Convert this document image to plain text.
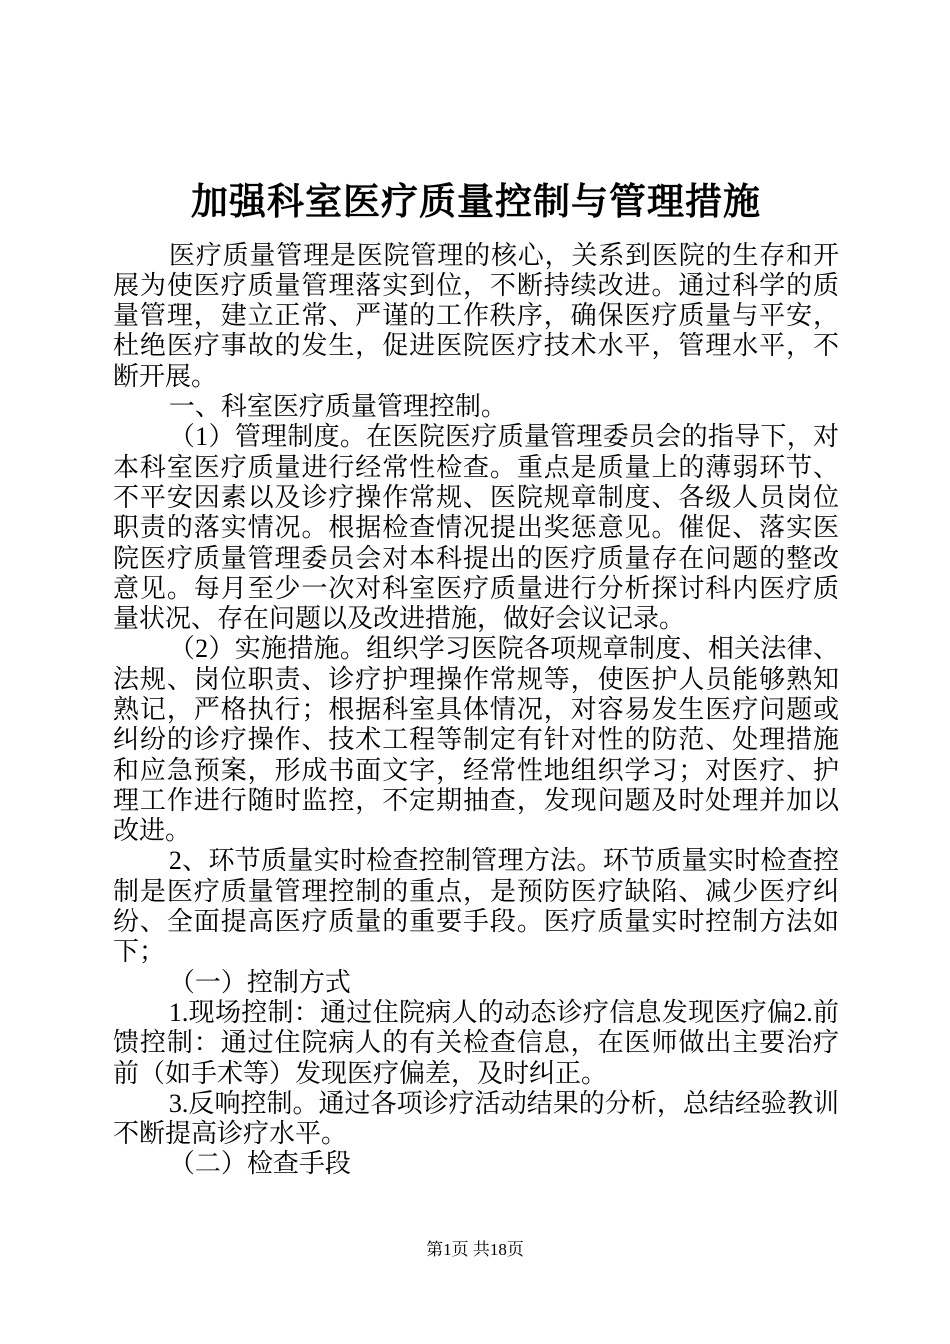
加强科室医疗质量控制与管理措施

医疗质量管理是医院管理的核心，关系到医院的生存和开展为使医疗质量管理落实到位，不断持续改进。通过科学的质量管理，建立正常、严谨的工作秩序，确保医疗质量与平安，杜绝医疗事故的发生，促进医院医疗技术水平，管理水平，不断开展。

一、科室医疗质量管理控制。

（1）管理制度。在医院医疗质量管理委员会的指导下，对本科室医疗质量进行经常性检查。重点是质量上的薄弱环节、不平安因素以及诊疗操作常规、医院规章制度、各级人员岗位职责的落实情况。根据检查情况提出奖惩意见。催促、落实医院医疗质量管理委员会对本科提出的医疗质量存在问题的整改意见。每月至少一次对科室医疗质量进行分析探讨科内医疗质量状况、存在问题以及改进措施，做好会议记录。

（2）实施措施。组织学习医院各项规章制度、相关法律、法规、岗位职责、诊疗护理操作常规等，使医护人员能够熟知熟记，严格执行；根据科室具体情况，对容易发生医疗问题或纠纷的诊疗操作、技术工程等制定有针对性的防范、处理措施和应急预案，形成书面文字，经常性地组织学习；对医疗、护理工作进行随时监控，不定期抽查，发现问题及时处理并加以改进。

2、环节质量实时检查控制管理方法。环节质量实时检查控制是医疗质量管理控制的重点，是预防医疗缺陷、减少医疗纠纷、全面提高医疗质量的重要手段。医疗质量实时控制方法如下；

（一）控制方式

1.现场控制：通过住院病人的动态诊疗信息发现医疗偏2.前馈控制：通过住院病人的有关检查信息，在医师做出主要治疗前（如手术等）发现医疗偏差，及时纠正。

3.反响控制。通过各项诊疗活动结果的分析，总结经验教训不断提高诊疗水平。

（二）检查手段

第1页 共18页
